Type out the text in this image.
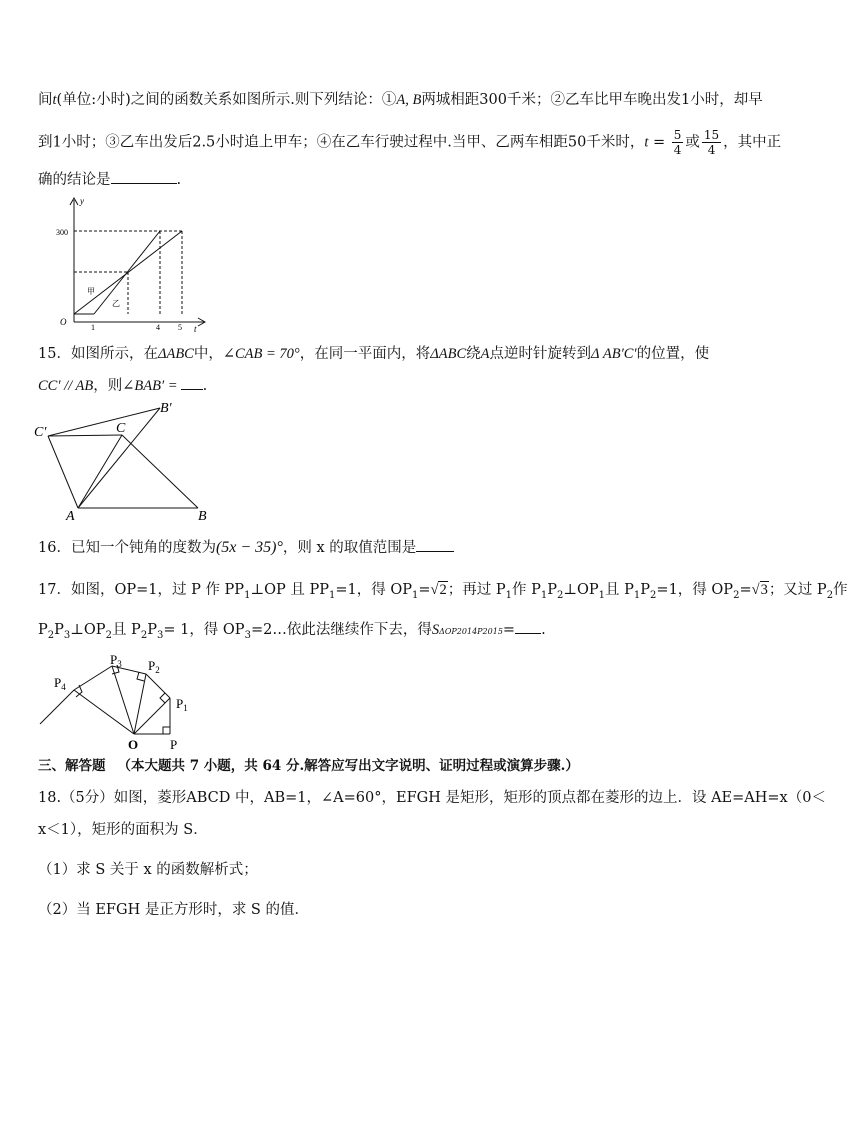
间t(单位:小时)之间的函数关系如图所示.则下列结论：①A, B两城相距300千米；②乙车比甲车晚出发1小时，却早
到1小时；③乙车出发后2.5小时追上甲车；④在乙车行驶过程中.当甲、乙两车相距50千米时，$t = \frac{5}{4}$ 或 $\frac{15}{4}$ ，其中正
确的结论是	.
y
t
O
300
1	4 5
甲
乙
15．如图所示，在ΔABC中，∠CAB = 70°，在同一平面内，将ΔABC绕A点逆时针旋转到Δ AB′C′的位置，使
CC′ // AB，则∠BAB′ = .
C′	C
B′
A	B
16．已知一个钝角的度数为(5x − 35)°，则 x 的取值范围是
17．如图，OP=1，过 P 作 $PP_1\perp OP$ 且 $PP_1=1$，得 $OP_1=√2$；再过 $P_1$作 $P_1P_2\perp OP_1$且 $P_1P_2=1$，得 $OP_2=√3$；又过 $P_2$作
$P_2P_3\perp OP_2$且 $P_2P_3= 1$，得 $OP_3=2\dots$依此法继续作下去，得SΔOP2014P2015= .
$P_4$
$P_3$ $P_2$
$P_1$
O P
三、解答题 （本大题共 7 小题，共 64 分.解答应写出文字说明、证明过程或演算步骤.）
18.（5分）如图，菱形ABCD 中，AB=1，∠A=60°，EFGH 是矩形，矩形的顶点都在菱形的边上．设 AE=AH=x（0＜
x＜1），矩形的面积为 S．
（1）求 S 关于 x 的函数解析式；
（2）当 EFGH 是正方形时，求 S 的值．
